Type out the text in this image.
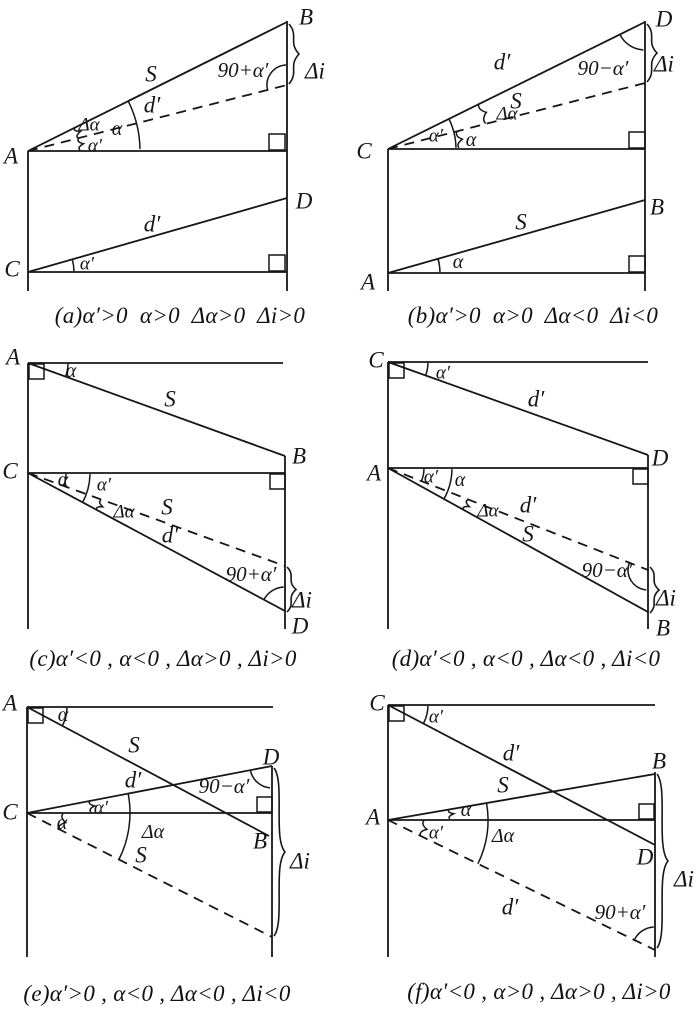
A
B
C
D
S
d′
90+α′
Δα α
α′
d′
α′
Δi
C
A
D
B
d′
S
90−α′
Δα
α′ α
S
α
Δi
A
C
B
D
α
S
α α′
Δα S
d′
90+α′
Δi
C
A
D
B
α′
d′
α′ α
Δα d′
S
90−α′
Δi
A
C
D
B
α
S
d′	90−α′
α′
α	Δα
S	Δi
C
A
B
D
α′
d′
S
α
α′ Δα
d′	90+α′
Δi
(a)α′>0  α>0  Δα>0  Δi>0	(b)α′>0  α>0  Δα<0  Δi<0
(c)α′<0 , α<0 , Δα>0 , Δi>0	(d)α′<0 , α<0 , Δα<0 , Δi<0
(e)α′>0 , α<0 , Δα<0 , Δi<0	(f)α′<0 , α>0 , Δα>0 , Δi>0
